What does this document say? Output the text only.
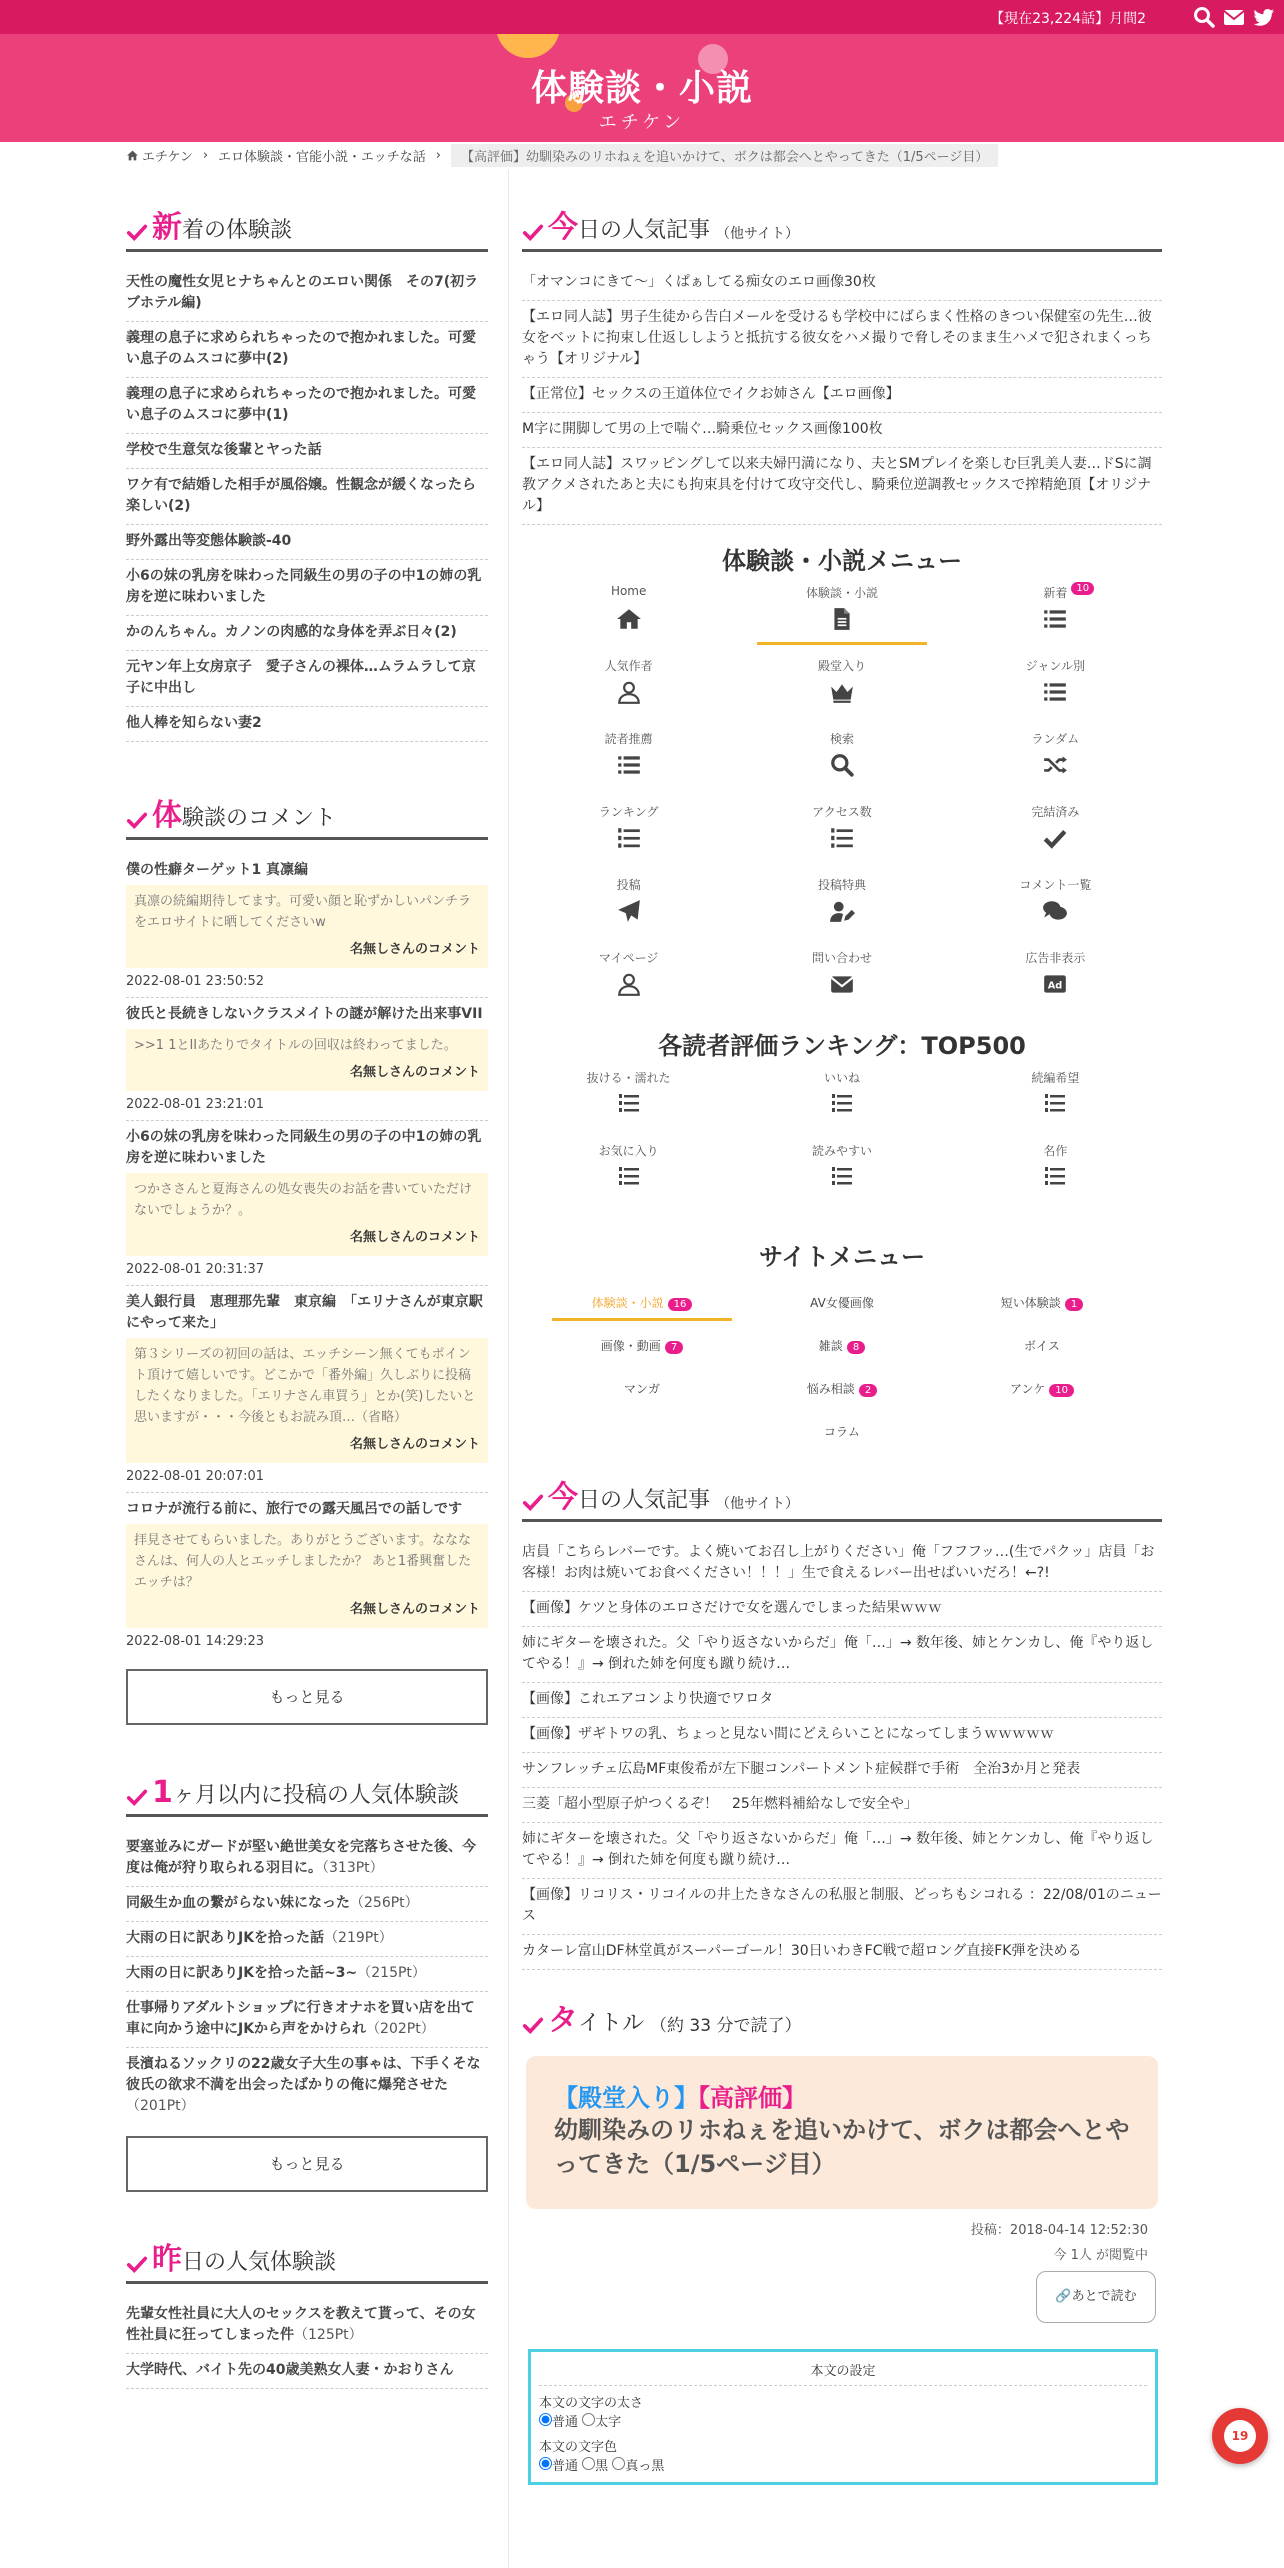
【現在23,224話】月間2
体験談・小説
エチケン
エチケン › エロ体験談・官能小説・エッチな話 ›	【高評価】幼馴染みのリホねぇを追いかけて、ボクは都会へとやってきた（1/5ページ目）
新 着の体験談
天性の魔性女児ヒナちゃんとのエロい関係　その7(初ラブホテル編)
義理の息子に求められちゃったので抱かれました。可愛い息子のムスコに夢中(2)
義理の息子に求められちゃったので抱かれました。可愛い息子のムスコに夢中(1)
学校で生意気な後輩とヤった話
ワケ有で結婚した相手が風俗嬢。性観念が緩くなったら楽しい(2)
野外露出等変態体験談-40
小6の妹の乳房を味わった同級生の男の子の中1の姉の乳房を逆に味わいました
かのんちゃん。カノンの肉感的な身体を弄ぶ日々(2)
元ヤン年上女房京子　愛子さんの裸体…ムラムラして京子に中出し
他人棒を知らない妻2
体 験談のコメント
僕の性癖ターゲット1 真凛編
真凛の続編期待してます。可愛い顔と恥ずかしいパンチラをエロサイトに晒してくださいw
名無しさんのコメント
2022-08-01 23:50:52
彼氏と長続きしないクラスメイトの謎が解けた出来事VII
>>1 1とIIあたりでタイトルの回収は終わってました。
名無しさんのコメント
2022-08-01 23:21:01
小6の妹の乳房を味わった同級生の男の子の中1の姉の乳房を逆に味わいました
つかささんと夏海さんの処女喪失のお話を書いていただけないでしょうか？。
名無しさんのコメント
2022-08-01 20:31:37
美人銀行員　恵理那先輩　東京編　「エリナさんが東京駅にやって来た」
第３シリーズの初回の話は、エッチシーン無くてもポイント頂けて嬉しいです。どこかで「番外編」久しぶりに投稿したくなりました。「エリナさん車買う」とか(笑)したいと思いますが・・・今後ともお読み頂…（省略）
名無しさんのコメント
2022-08-01 20:07:01
コロナが流行る前に、旅行での露天風呂での話しです
拝見させてもらいました。ありがとうございます。なななさんは、何人の人とエッチしましたか？ あと1番興奮したエッチは？
名無しさんのコメント
2022-08-01 14:29:23
もっと見る
1 ヶ月以内に投稿の人気体験談
要塞並みにガードが堅い絶世美女を完落ちさせた後、今度は俺が狩り取られる羽目に。（313Pt）
同級生か血の繋がらない妹になった（256Pt）
大雨の日に訳ありJKを拾った話（219Pt）
大雨の日に訳ありJKを拾った話~3~（215Pt）
仕事帰りアダルトショップに行きオナホを買い店を出て車に向かう途中にJKから声をかけられ（202Pt）
長濱ねるソックリの22歳女子大生の事ゃは、下手くそな彼氏の欲求不満を出会ったばかりの俺に爆発させた（201Pt）
もっと見る
昨 日の人気体験談
先輩女性社員に大人のセックスを教えて貰って、その女性社員に狂ってしまった件（125Pt）
大学時代、バイト先の40歳美熟女人妻・かおりさん
今 日の人気記事 （他サイト）
「オマンコにきて～」くぱぁしてる痴女のエロ画像30枚
【エロ同人誌】男子生徒から告白メールを受けるも学校中にばらまく性格のきつい保健室の先生…彼女をベットに拘束し仕返ししようと抵抗する彼女をハメ撮りで脅しそのまま生ハメで犯されまくっちゃう【オリジナル】
【正常位】セックスの王道体位でイクお姉さん【エロ画像】
M字に開脚して男の上で喘ぐ…騎乗位セックス画像100枚
【エロ同人誌】スワッピングして以来夫婦円満になり、夫とSMプレイを楽しむ巨乳美人妻…ドSに調教アクメされたあと夫にも拘束具を付けて攻守交代し、騎乗位逆調教セックスで搾精絶頂【オリジナル】
体験談・小説メニュー
Home	体験談・小説	新着 10
人気作者	殿堂入り	ジャンル別
読者推薦	検索	ランダム
ランキング	アクセス数	完結済み
投稿	投稿特典	コメント一覧
マイページ	問い合わせ	広告非表示
Ad
各読者評価ランキング：TOP500
抜ける・濡れた	いいね	続編希望
お気に入り	読みやすい	名作
サイトメニュー
体験談・小説 16	AV女優画像	短い体験談 1
画像・動画 7	雑談 8	ボイス
マンガ	悩み相談 2	アンケ 10
コラム
今 日の人気記事 （他サイト）
店員「こちらレバーです。よく焼いてお召し上がりください」俺「フフフッ…(生でパクッ」店員「お客様！お肉は焼いてお食べください！！！」生で食えるレバー出せばいいだろ！←?!
【画像】ケツと身体のエロさだけで女を選んでしまった結果ｗｗｗ
姉にギターを壊された。父「やり返さないからだ」俺「…」→ 数年後、姉とケンカし、俺『やり返してやる！』→ 倒れた姉を何度も蹴り続け…
【画像】これエアコンより快適でワロタ
【画像】ザギトワの乳、ちょっと見ない間にどえらいことになってしまうｗｗｗｗｗ
サンフレッチェ広島MF東俊希が左下腿コンパートメント症候群で手術　全治3か月と発表
三菱「超小型原子炉つくるぞ！　25年燃料補給なしで安全や」
姉にギターを壊された。父「やり返さないからだ」俺「…」→ 数年後、姉とケンカし、俺『やり返してやる！』→ 倒れた姉を何度も蹴り続け…
【画像】リコリス・リコイルの井上たきなさんの私服と制服、どっちもシコれる ：22/08/01のニュース
カターレ富山DF林堂眞がスーパーゴール！30日いわきFC戦で超ロング直接FK弾を決める
タ イトル （約 33 分で読了）
【殿堂入り】【高評価】
幼馴染みのリホねぇを追いかけて、ボクは都会へとやってきた（1/5ページ目）
投稿：2018-04-14 12:52:30
今 1人 が閲覧中
🔗あとで読む
本文の設定
本文の文字の太さ
普通 太字
本文の文字色
普通 黒 真っ黒
19
